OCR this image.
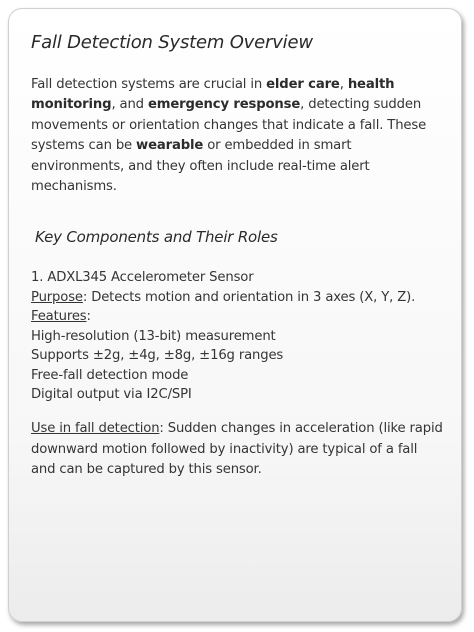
Fall Detection System Overview

Fall detection systems are crucial in elder care, health monitoring, and emergency response, detecting sudden movements or orientation changes that indicate a fall. These systems can be wearable or embedded in smart environments, and they often include real-time alert mechanisms.

Key Components and Their Roles
1. ADXL345 Accelerometer Sensor
Purpose: Detects motion and orientation in 3 axes (X, Y, Z).
Features:
High-resolution (13-bit) measurement
Supports ±2g, ±4g, ±8g, ±16g ranges
Free-fall detection mode
Digital output via I2C/SPI

Use in fall detection: Sudden changes in acceleration (like rapid downward motion followed by inactivity) are typical of a fall and can be captured by this sensor.
